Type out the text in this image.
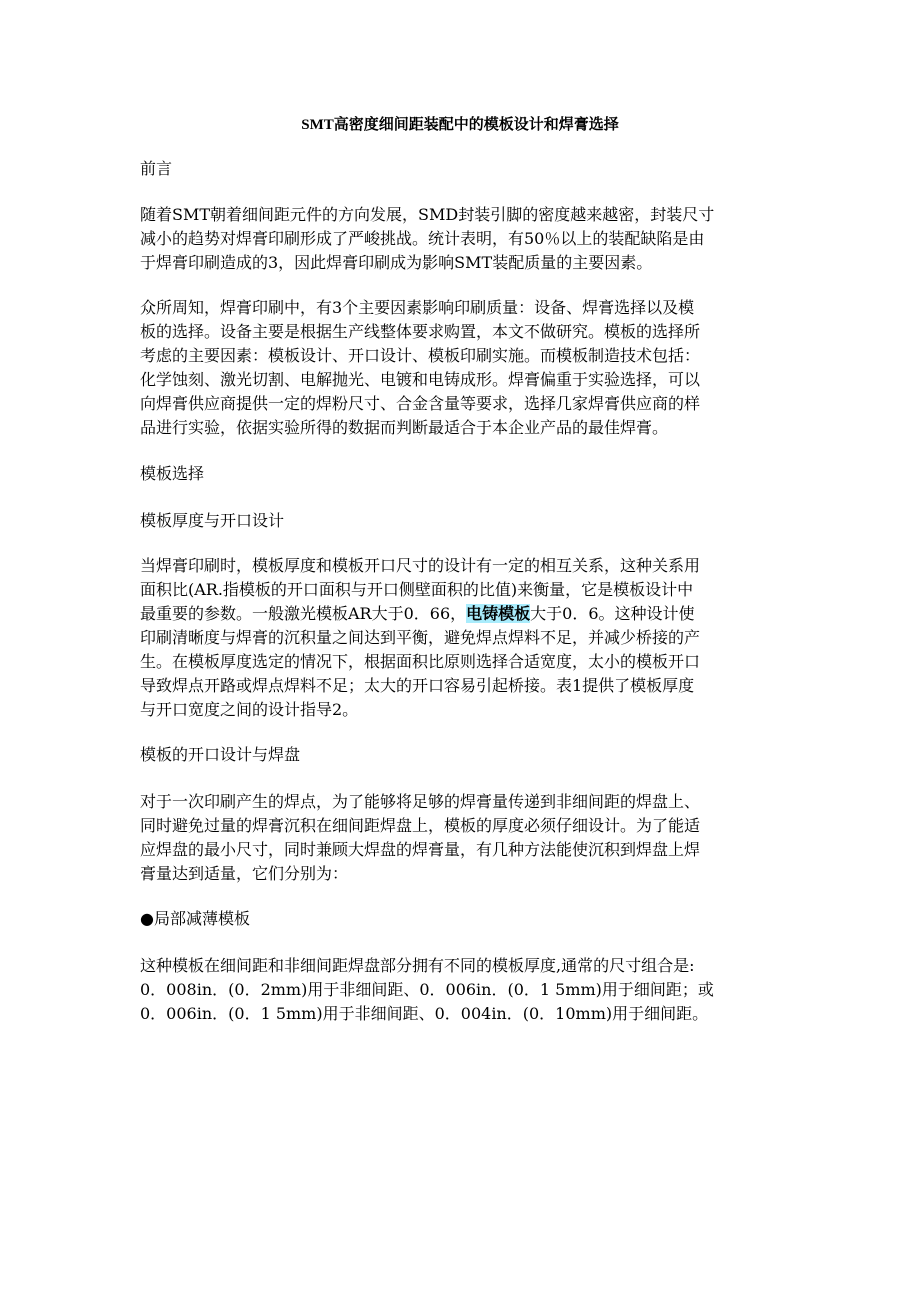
SMT高密度细间距装配中的模板设计和焊膏选择
前言
随着SMT朝着细间距元件的方向发展，SMD封装引脚的密度越来越密，封装尺寸
减小的趋势对焊膏印刷形成了严峻挑战。统计表明，有50％以上的装配缺陷是由
于焊膏印刷造成的3，因此焊膏印刷成为影响SMT装配质量的主要因素。
众所周知，焊膏印刷中，有3个主要因素影响印刷质量：设备、焊膏选择以及模
板的选择。设备主要是根据生产线整体要求购置，本文不做研究。模板的选择所
考虑的主要因素：模板设计、开口设计、模板印刷实施。而模板制造技术包括：
化学蚀刻、激光切割、电解抛光、电镀和电铸成形。焊膏偏重于实验选择，可以
向焊膏供应商提供一定的焊粉尺寸、合金含量等要求，选择几家焊膏供应商的样
品进行实验，依据实验所得的数据而判断最适合于本企业产品的最佳焊膏。
模板选择
模板厚度与开口设计
当焊膏印刷时，模板厚度和模板开口尺寸的设计有一定的相互关系，这种关系用
面积比(AR.指模板的开口面积与开口侧壁面积的比值)来衡量，它是模板设计中
最重要的参数。一般激光模板AR大于0．66，电铸模板大于0．6。这种设计使
印刷清晰度与焊膏的沉积量之间达到平衡，避免焊点焊料不足，并减少桥接的产
生。在模板厚度选定的情况下，根据面积比原则选择合适宽度，太小的模板开口
导致焊点开路或焊点焊料不足；太大的开口容易引起桥接。表1提供了模板厚度
与开口宽度之间的设计指导2。
模板的开口设计与焊盘
对于一次印刷产生的焊点，为了能够将足够的焊膏量传递到非细间距的焊盘上、
同时避免过量的焊膏沉积在细间距焊盘上，模板的厚度必须仔细设计。为了能适
应焊盘的最小尺寸，同时兼顾大焊盘的焊膏量，有几种方法能使沉积到焊盘上焊
膏量达到适量，它们分别为：
●局部减薄模板
这种模板在细间距和非细间距焊盘部分拥有不同的模板厚度,通常的尺寸组合是:
0．008in．(0．2mm)用于非细间距、0．006in．(0．1 5mm)用于细间距；或
0．006in．(0．1 5mm)用于非细间距、0．004in．(0．10mm)用于细间距。
